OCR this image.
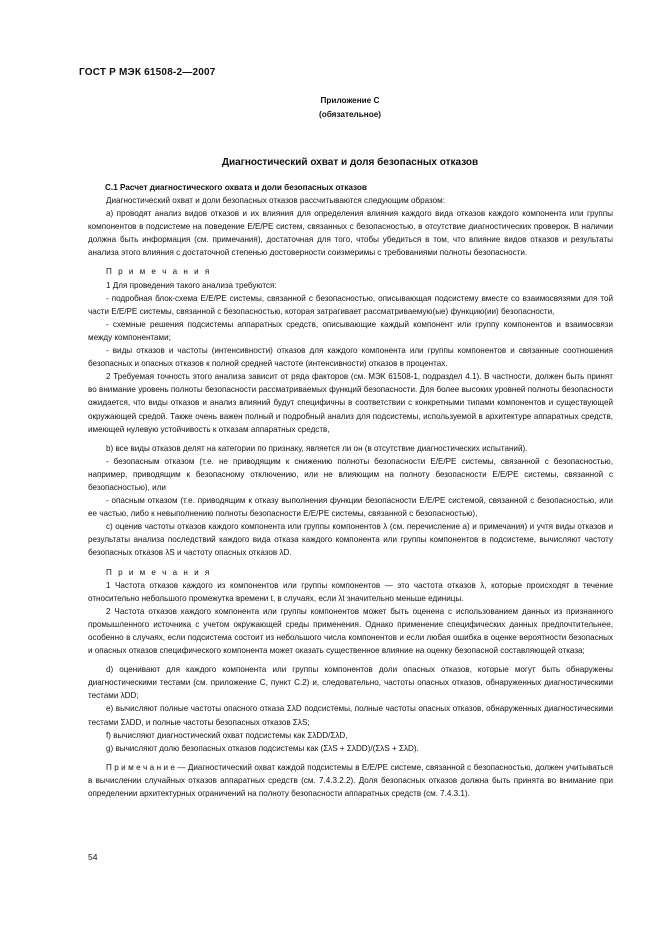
ГОСТ Р МЭК 61508-2—2007
Приложение С
(обязательное)
Диагностический охват и доля безопасных отказов
С.1 Расчет диагностического охвата и доли безопасных отказов

Диагностический охват и доли безопасных отказов рассчитываются следующим образом:

а) проводят анализ видов отказов и их влияния для определения влияния каждого вида отказов каждого компонента или группы компонентов в подсистеме на поведение E/E/PE систем, связанных с безопасностью, в отсутствие диагностических проверок. В наличии должна быть информация (см. примечания), достаточная для того, чтобы убедиться в том, что влияние видов отказов и результаты анализа этого влияния с достаточной степенью достоверности соизмеримы с требованиями полноты безопасности.

П р и м е ч а н и я

1 Для проведения такого анализа требуются:

- подробная блок-схема E/E/PE системы, связанной с безопасностью, описывающая подсистему вместе со взаимосвязями для той части E/E/PE системы, связанной с безопасностью, которая затрагивает рассматриваемую(ые) функцию(ии) безопасности,

- схемные решения подсистемы аппаратных средств, описывающие каждый компонент или группу компонентов и взаимосвязи между компонентами;

- виды отказов и частоты (интенсивности) отказов для каждого компонента или группы компонентов и связанные соотношения безопасных и опасных отказов к полной средней частоте (интенсивности) отказов в процентах.

2 Требуемая точность этого анализа зависит от ряда факторов (см. МЭК 61508-1, подраздел 4.1). В частности, должен быть принят во внимание уровень полноты безопасности рассматриваемых функций безопасности. Для более высоких уровней полноты безопасности ожидается, что виды отказов и анализ влияний будут специфичны в соответствии с конкретными типами компонентов и существующей окружающей средой. Также очень важен полный и подробный анализ для подсистемы, используемой в архитектуре аппаратных средств, имеющей нулевую устойчивость к отказам аппаратных средств,

b) все виды отказов делят на категории по признаку, является ли он (в отсутствие диагностических испытаний).

- безопасным отказом (т.е. не приводящим к снижению полноты безопасности E/E/PE системы, связанной с безопасностью, например, приводящим к безопасному отключению, или не влияющим на полноту безопасности E/E/PE системы, связанной с безопасностью), или

- опасным отказом (т.е. приводящим к отказу выполнения функции безопасности E/E/PE системой, связанной с безопасностью, или ее частью, либо к невыполнению полноты безопасности E/E/PE системы, связанной с безопасностью),

с) оценив частоты отказов каждого компонента или группы компонентов λ (см. перечисление а) и примечания) и учтя виды отказов и результаты анализа последствий каждого вида отказа каждого компонента или группы компонентов в подсистеме, вычисляют частоту безопасных отказов λS и частоту опасных отказов λD.

П р и м е ч а н и я

1 Частота отказов каждого из компонентов или группы компонентов — это частота отказов λ, которые происходят в течение относительно небольшого промежутка времени t, в случаях, если λt значительно меньше единицы.

2 Частота отказов каждого компонента или группы компонентов может быть оценена с использованием данных из признанного промышленного источника с учетом окружающей среды применения. Однако применение специфических данных предпочтительнее, особенно в случаях, если подсистема состоит из небольшого числа компонентов и если любая ошибка в оценке вероятности безопасных и опасных отказов специфического компонента может оказать существенное влияние на оценку безопасной составляющей отказа;

d) оценивают для каждого компонента или группы компонентов доли опасных отказов, которые могут быть обнаружены диагностическими тестами (см. приложение С, пункт С.2) и, следовательно, частоты опасных отказов, обнаруженных диагностическими тестами λDD;

е) вычисляют полные частоты опасного отказа ΣλD подсистемы, полные частоты опасных отказов, обнаруженных диагностическими тестами ΣλDD, и полные частоты безопасных отказов ΣλS;

f) вычисляют диагностический охват подсистемы как ΣλDD/ΣλD,

g) вычисляют долю безопасных отказов подсистемы как (ΣλS + ΣλDD)/(ΣλS + ΣλD).

П р и м е ч а н и е — Диагностический охват каждой подсистемы в E/E/PE системе, связанной с безопасностью, должен учитываться в вычислении случайных отказов аппаратных средств (см. 7.4.3.2.2). Доля безопасных отказов должна быть принята во внимание при определении архитектурных ограничений на полноту безопасности аппаратных средств (см. 7.4.3.1).

54
